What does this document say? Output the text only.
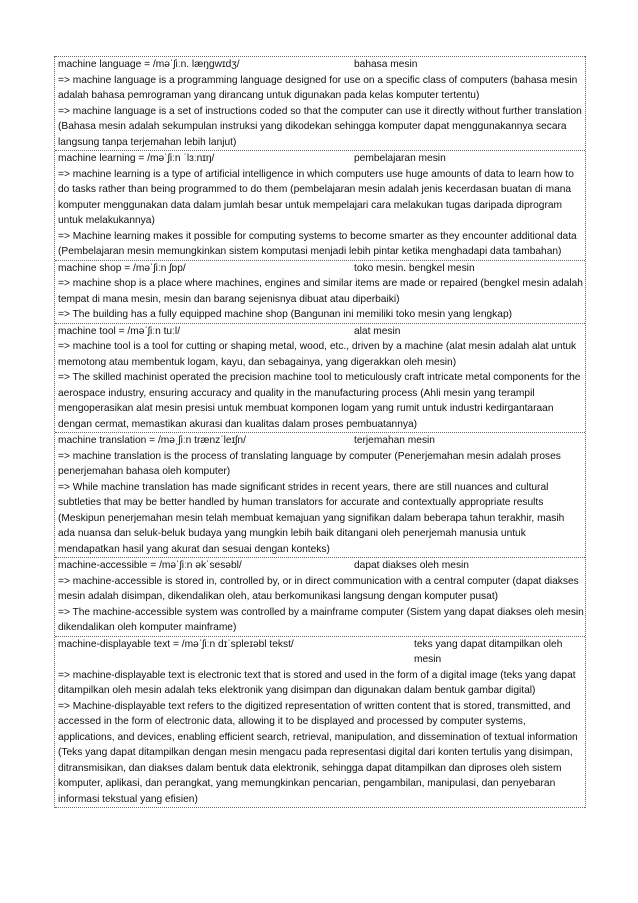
machine language = /məˈʃiːn. læŋɡwɪdʒ/	bahasa mesin
=> machine language is a programming language designed for use on a specific class of computers (bahasa mesin adalah bahasa pemrograman yang dirancang untuk digunakan pada kelas komputer tertentu)
=> machine language is a set of instructions coded so that the computer can use it directly without further translation (Bahasa mesin adalah sekumpulan instruksi yang dikodekan sehingga komputer dapat menggunakannya secara langsung tanpa terjemahan lebih lanjut)
machine learning = /məˈʃiːn ˈlɜːnɪŋ/	pembelajaran mesin
=> machine learning is a type of artificial intelligence in which computers use huge amounts of data to learn how to do tasks rather than being programmed to do them (pembelajaran mesin adalah jenis kecerdasan buatan di mana komputer menggunakan data dalam jumlah besar untuk mempelajari cara melakukan tugas daripada diprogram untuk melakukannya)
=> Machine learning makes it possible for computing systems to become smarter as they encounter additional data (Pembelajaran mesin memungkinkan sistem komputasi menjadi lebih pintar ketika menghadapi data tambahan)
machine shop = /məˈʃiːn ʃɒp/	toko mesin. bengkel mesin
=> machine shop is a place where machines, engines and similar items are made or repaired (bengkel mesin adalah tempat di mana mesin, mesin dan barang sejenisnya dibuat atau diperbaiki)
=> The building has a fully equipped machine shop (Bangunan ini memiliki toko mesin yang lengkap)
machine tool = /məˈʃiːn tuːl/	alat mesin
=> machine tool is a tool for cutting or shaping metal, wood, etc., driven by a machine (alat mesin adalah alat untuk memotong atau membentuk logam, kayu, dan sebagainya, yang digerakkan oleh mesin)
=> The skilled machinist operated the precision machine tool to meticulously craft intricate metal components for the aerospace industry, ensuring accuracy and quality in the manufacturing process (Ahli mesin yang terampil mengoperasikan alat mesin presisi untuk membuat komponen logam yang rumit untuk industri kedirgantaraan dengan cermat, memastikan akurasi dan kualitas dalam proses pembuatannya)
machine translation = /məˌʃiːn trænzˈleɪʃn/	terjemahan mesin
=> machine translation is the process of translating language by computer (Penerjemahan mesin adalah proses penerjemahan bahasa oleh komputer)
=> While machine translation has made significant strides in recent years, there are still nuances and cultural subtleties that may be better handled by human translators for accurate and contextually appropriate results (Meskipun penerjemahan mesin telah membuat kemajuan yang signifikan dalam beberapa tahun terakhir, masih ada nuansa dan seluk-beluk budaya yang mungkin lebih baik ditangani oleh penerjemah manusia untuk mendapatkan hasil yang akurat dan sesuai dengan konteks)
machine-accessible = /məˈʃiːn əkˈsesəbl/	dapat diakses oleh mesin
=> machine-accessible is stored in, controlled by, or in direct communication with a central computer (dapat diakses mesin adalah disimpan, dikendalikan oleh, atau berkomunikasi langsung dengan komputer pusat)
=> The machine-accessible system was controlled by a mainframe computer (Sistem yang dapat diakses oleh mesin dikendalikan oleh komputer mainframe)
machine-displayable text = /məˈʃiːn dɪˈspleɪəbl tekst/	teks yang dapat ditampilkan oleh mesin
=> machine-displayable text is electronic text that is stored and used in the form of a digital image (teks yang dapat ditampilkan oleh mesin adalah teks elektronik yang disimpan dan digunakan dalam bentuk gambar digital)
=> Machine-displayable text refers to the digitized representation of written content that is stored, transmitted, and accessed in the form of electronic data, allowing it to be displayed and processed by computer systems, applications, and devices, enabling efficient search, retrieval, manipulation, and dissemination of textual information (Teks yang dapat ditampilkan dengan mesin mengacu pada representasi digital dari konten tertulis yang disimpan, ditransmisikan, dan diakses dalam bentuk data elektronik, sehingga dapat ditampilkan dan diproses oleh sistem komputer, aplikasi, dan perangkat, yang memungkinkan pencarian, pengambilan, manipulasi, dan penyebaran informasi tekstual yang efisien)
